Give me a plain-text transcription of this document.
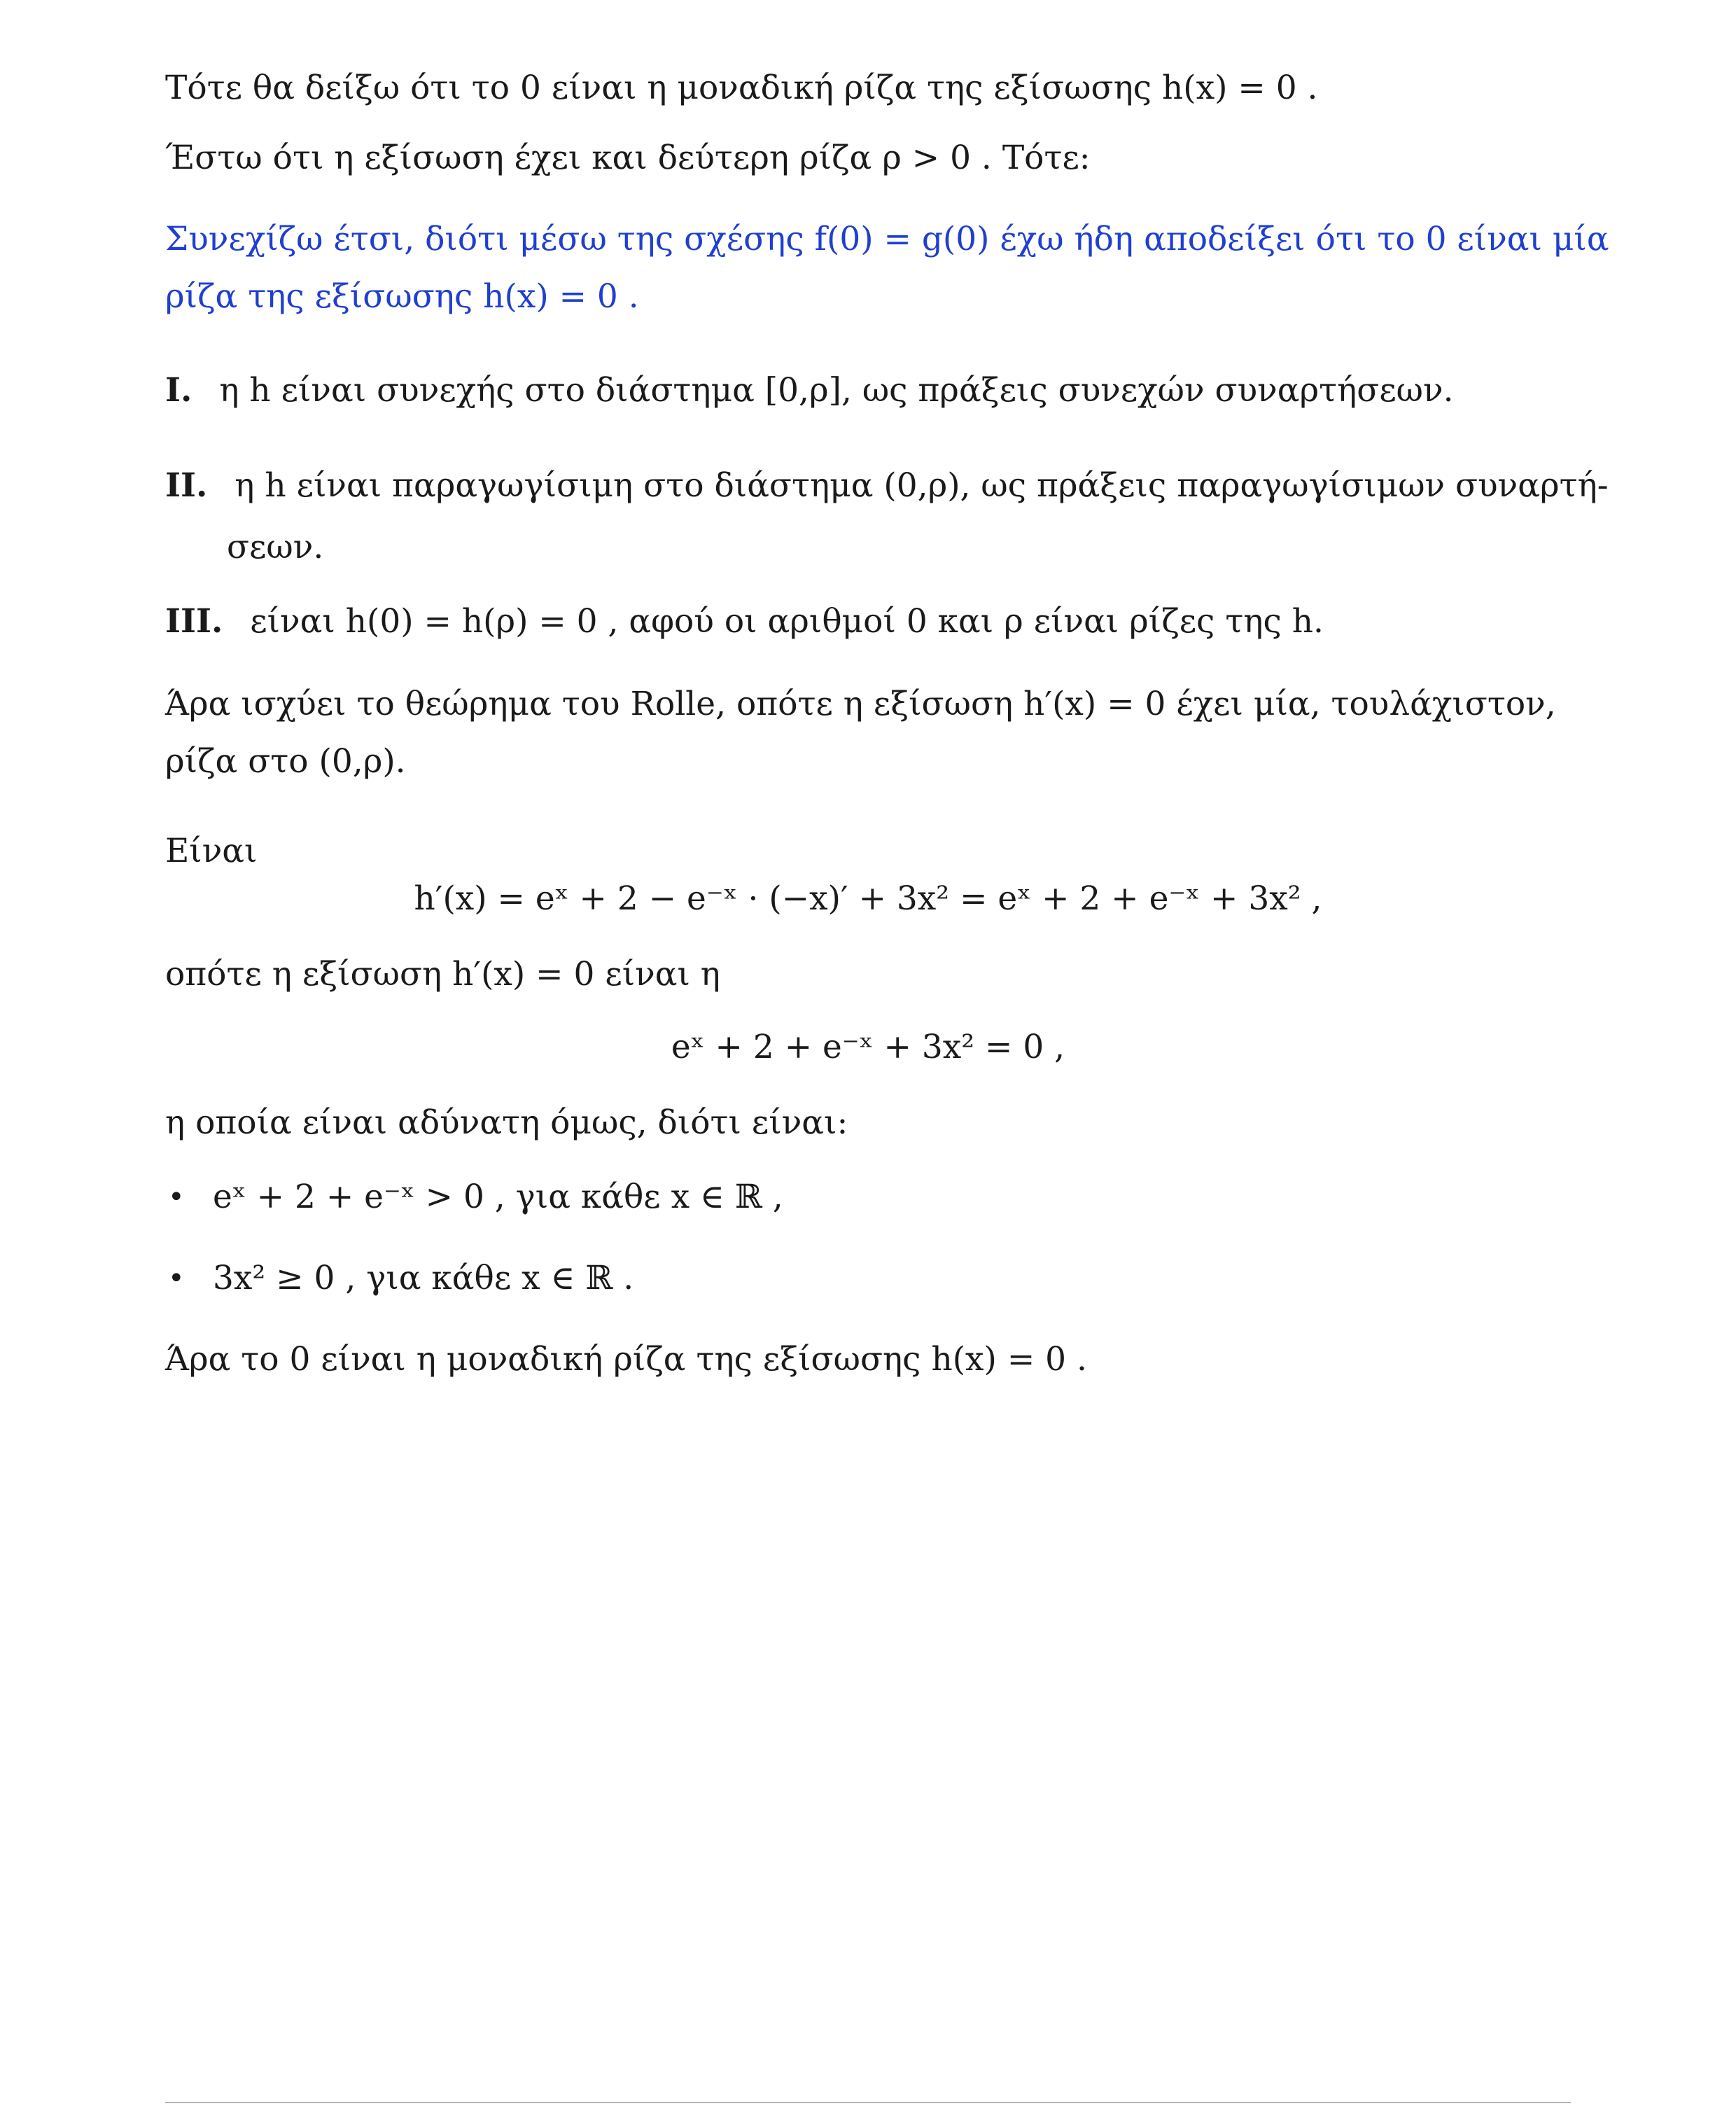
Τότε θα δείξω ότι το 0 είναι η μοναδική ρίζα της εξίσωσης h(x) = 0 .
Έστω ότι η εξίσωση έχει και δεύτερη ρίζα ρ > 0 . Τότε:
Συνεχίζω έτσι, διότι μέσω της σχέσης f(0) = g(0) έχω ήδη αποδείξει ότι το 0 είναι μία
ρίζα της εξίσωσης h(x) = 0 .
I. η h είναι συνεχής στο διάστημα [0,ρ], ως πράξεις συνεχών συναρτήσεων.
II. η h είναι παραγωγίσιμη στο διάστημα (0,ρ), ως πράξεις παραγωγίσιμων συναρτή-
σεων.
III. είναι h(0) = h(ρ) = 0 , αφού οι αριθμοί 0 και ρ είναι ρίζες της h.
Άρα ισχύει το θεώρημα του Rolle, οπότε η εξίσωση h′(x) = 0 έχει μία, τουλάχιστον,
ρίζα στο (0,ρ).
Είναι
h′(x) = eˣ + 2 − e⁻ˣ · (−x)′ + 3x² = eˣ + 2 + e⁻ˣ + 3x² ,
οπότε η εξίσωση h′(x) = 0 είναι η
eˣ + 2 + e⁻ˣ + 3x² = 0 ,
η οποία είναι αδύνατη όμως, διότι είναι:
• eˣ + 2 + e⁻ˣ > 0 , για κάθε x ∈ ℝ ,
• 3x² ≥ 0 , για κάθε x ∈ ℝ .
Άρα το 0 είναι η μοναδική ρίζα της εξίσωσης h(x) = 0 .
